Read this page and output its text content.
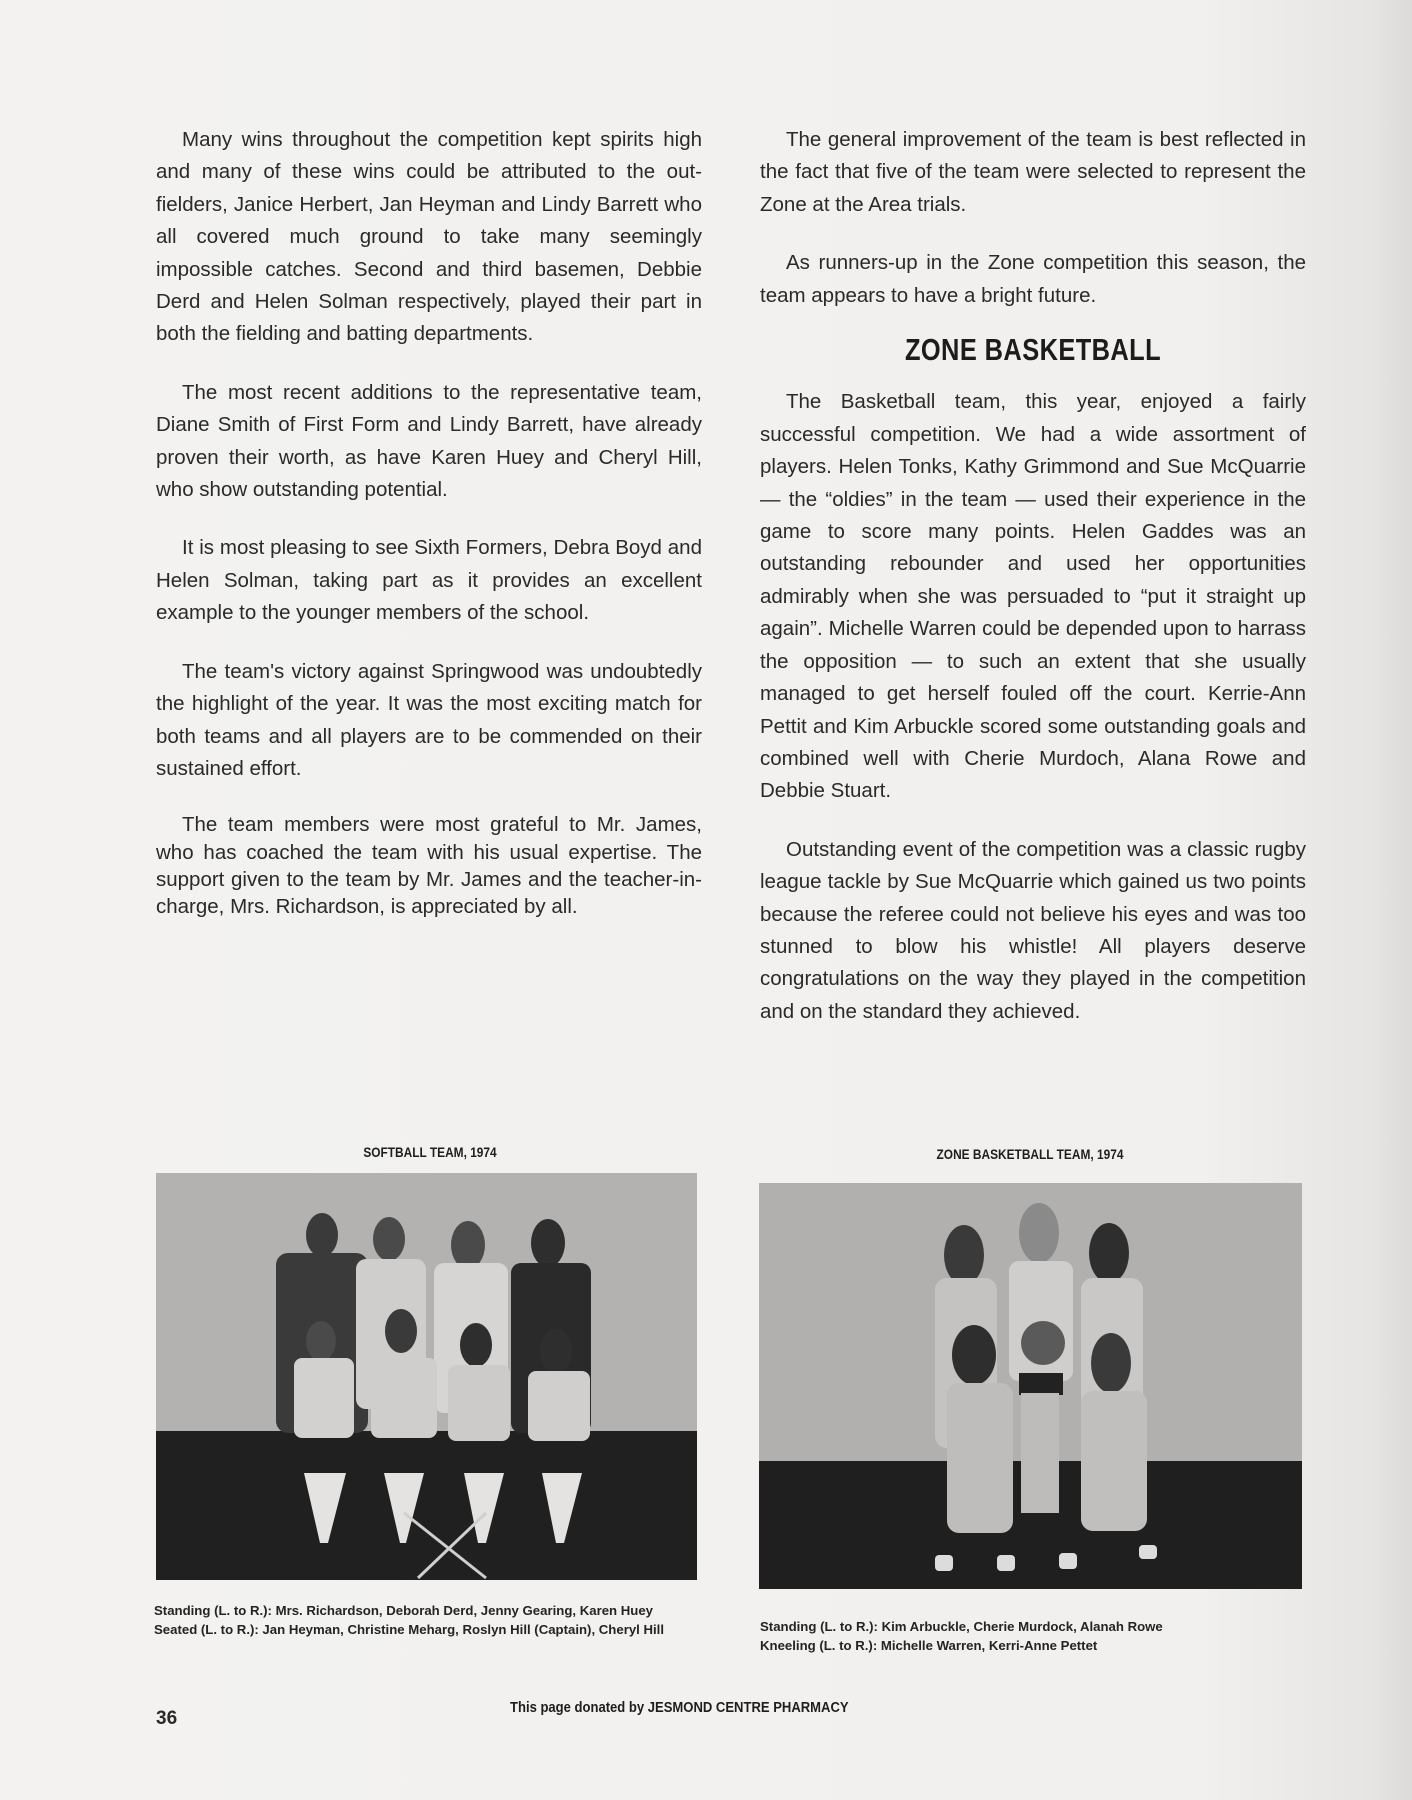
Many wins throughout the competition kept spirits high and many of these wins could be attributed to the out-fielders, Janice Herbert, Jan Heyman and Lindy Barrett who all covered much ground to take many seemingly impossible catches. Second and third basemen, Debbie Derd and Helen Solman respectively, played their part in both the fielding and batting departments.

The most recent additions to the representative team, Diane Smith of First Form and Lindy Barrett, have already proven their worth, as have Karen Huey and Cheryl Hill, who show outstanding potential.

It is most pleasing to see Sixth Formers, Debra Boyd and Helen Solman, taking part as it provides an excellent example to the younger members of the school.

The team's victory against Springwood was undoubtedly the highlight of the year. It was the most exciting match for both teams and all players are to be commended on their sustained effort.

The team members were most grateful to Mr. James, who has coached the team with his usual expertise. The support given to the team by Mr. James and the teacher-in-charge, Mrs. Richardson, is appreciated by all.

The general improvement of the team is best reflected in the fact that five of the team were selected to represent the Zone at the Area trials.

As runners-up in the Zone competition this season, the team appears to have a bright future.

ZONE BASKETBALL

The Basketball team, this year, enjoyed a fairly successful competition. We had a wide assortment of players. Helen Tonks, Kathy Grimmond and Sue McQuarrie — the “oldies” in the team — used their experience in the game to score many points. Helen Gaddes was an outstanding rebounder and used her opportunities admirably when she was persuaded to “put it straight up again”. Michelle Warren could be depended upon to harrass the opposition — to such an extent that she usually managed to get herself fouled off the court. Kerrie-Ann Pettit and Kim Arbuckle scored some outstanding goals and combined well with Cherie Murdoch, Alana Rowe and Debbie Stuart.

Outstanding event of the competition was a classic rugby league tackle by Sue McQuarrie which gained us two points because the referee could not believe his eyes and was too stunned to blow his whistle! All players deserve congratulations on the way they played in the competition and on the standard they achieved.

SOFTBALL TEAM, 1974
Standing (L. to R.): Mrs. Richardson, Deborah Derd, Jenny Gearing, Karen Huey
Seated (L. to R.): Jan Heyman, Christine Meharg, Roslyn Hill (Captain), Cheryl Hill
ZONE BASKETBALL TEAM, 1974
Standing (L. to R.): Kim Arbuckle, Cherie Murdock, Alanah Rowe
Kneeling (L. to R.): Michelle Warren, Kerri-Anne Pettet
36	This page donated by JESMOND CENTRE PHARMACY
